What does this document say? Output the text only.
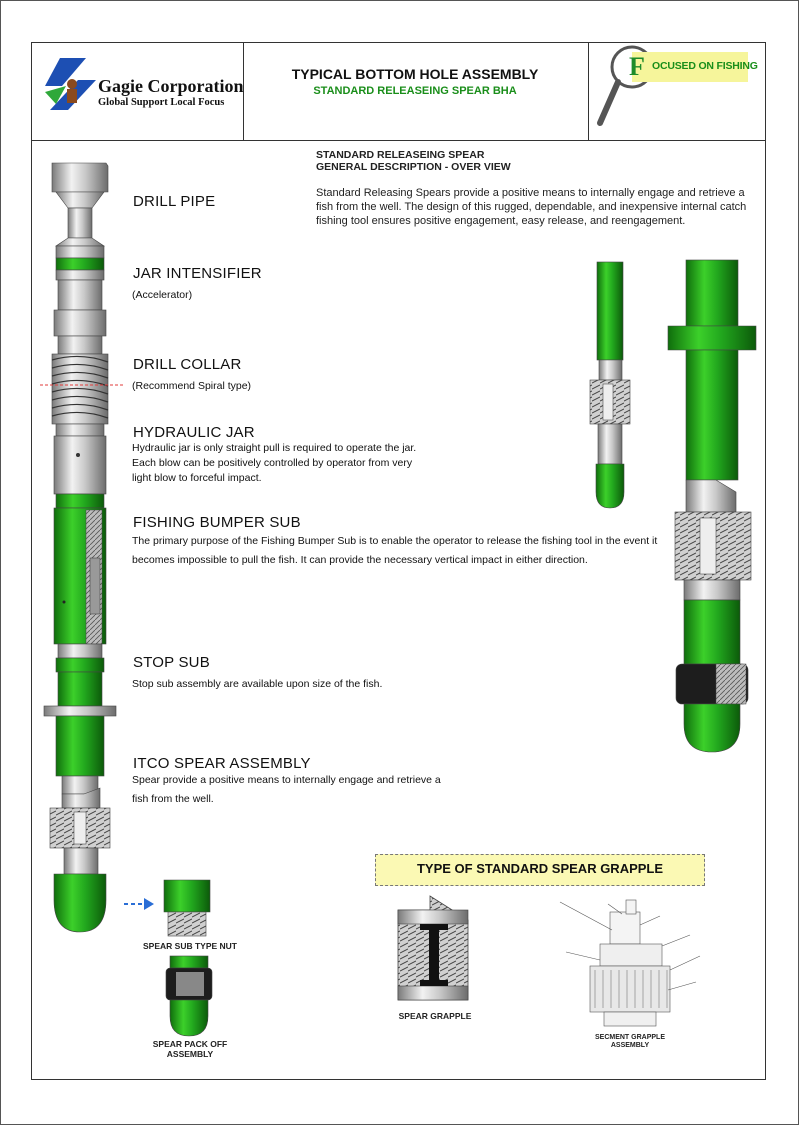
Gagie Corporation
Global Support Local Focus
TYPICAL BOTTOM HOLE ASSEMBLY
STANDARD RELEASEING SPEAR BHA
F OCUSED ON FISHING
STANDARD RELEASEING SPEAR
GENERAL DESCRIPTION - OVER VIEW
Standard Releasing Spears provide a positive means to internally engage and retrieve a fish from the well. The design of this rugged, dependable, and inexpensive internal catch fishing tool ensures positive engagement, easy release, and reengagement.
DRILL PIPE
JAR INTENSIFIER
(Accelerator)
DRILL COLLAR
(Recommend Spiral type)
HYDRAULIC JAR
Hydraulic jar is only straight pull is required to operate the jar. Each blow can be positively controlled by operator from very light blow to forceful impact.
FISHING BUMPER SUB
The primary purpose of the Fishing Bumper Sub is to enable the operator to release the fishing tool in the event it becomes impossible to pull the fish. It can provide the necessary vertical impact in either direction.
STOP SUB
Stop sub assembly are available upon size of the fish.
ITCO SPEAR ASSEMBLY
Spear provide a positive means to internally engage and retrieve a fish from the well.
TYPE OF STANDARD SPEAR GRAPPLE
SPEAR SUB TYPE NUT
SPEAR PACK OFF
ASSEMBLY
SPEAR GRAPPLE
SECMENT GRAPPLE
ASSEMBLY
